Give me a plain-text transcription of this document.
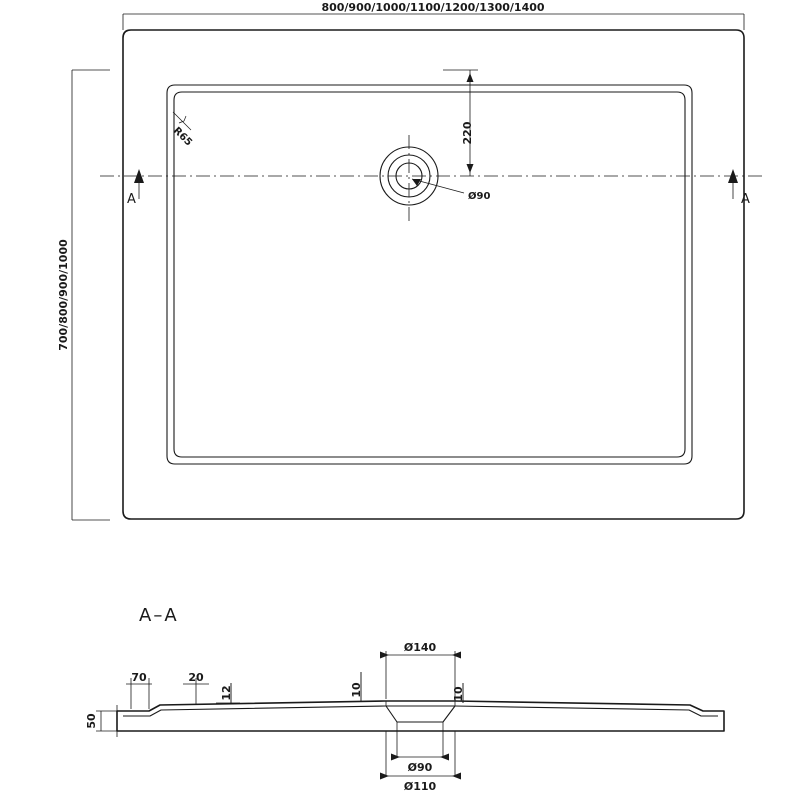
R65
Ø90
220
800/900/1000/1100/1200/1300/1400
700/800/900/1000
A	A
A–A
70	20
12	10	10
50
Ø140
Ø90
Ø110
